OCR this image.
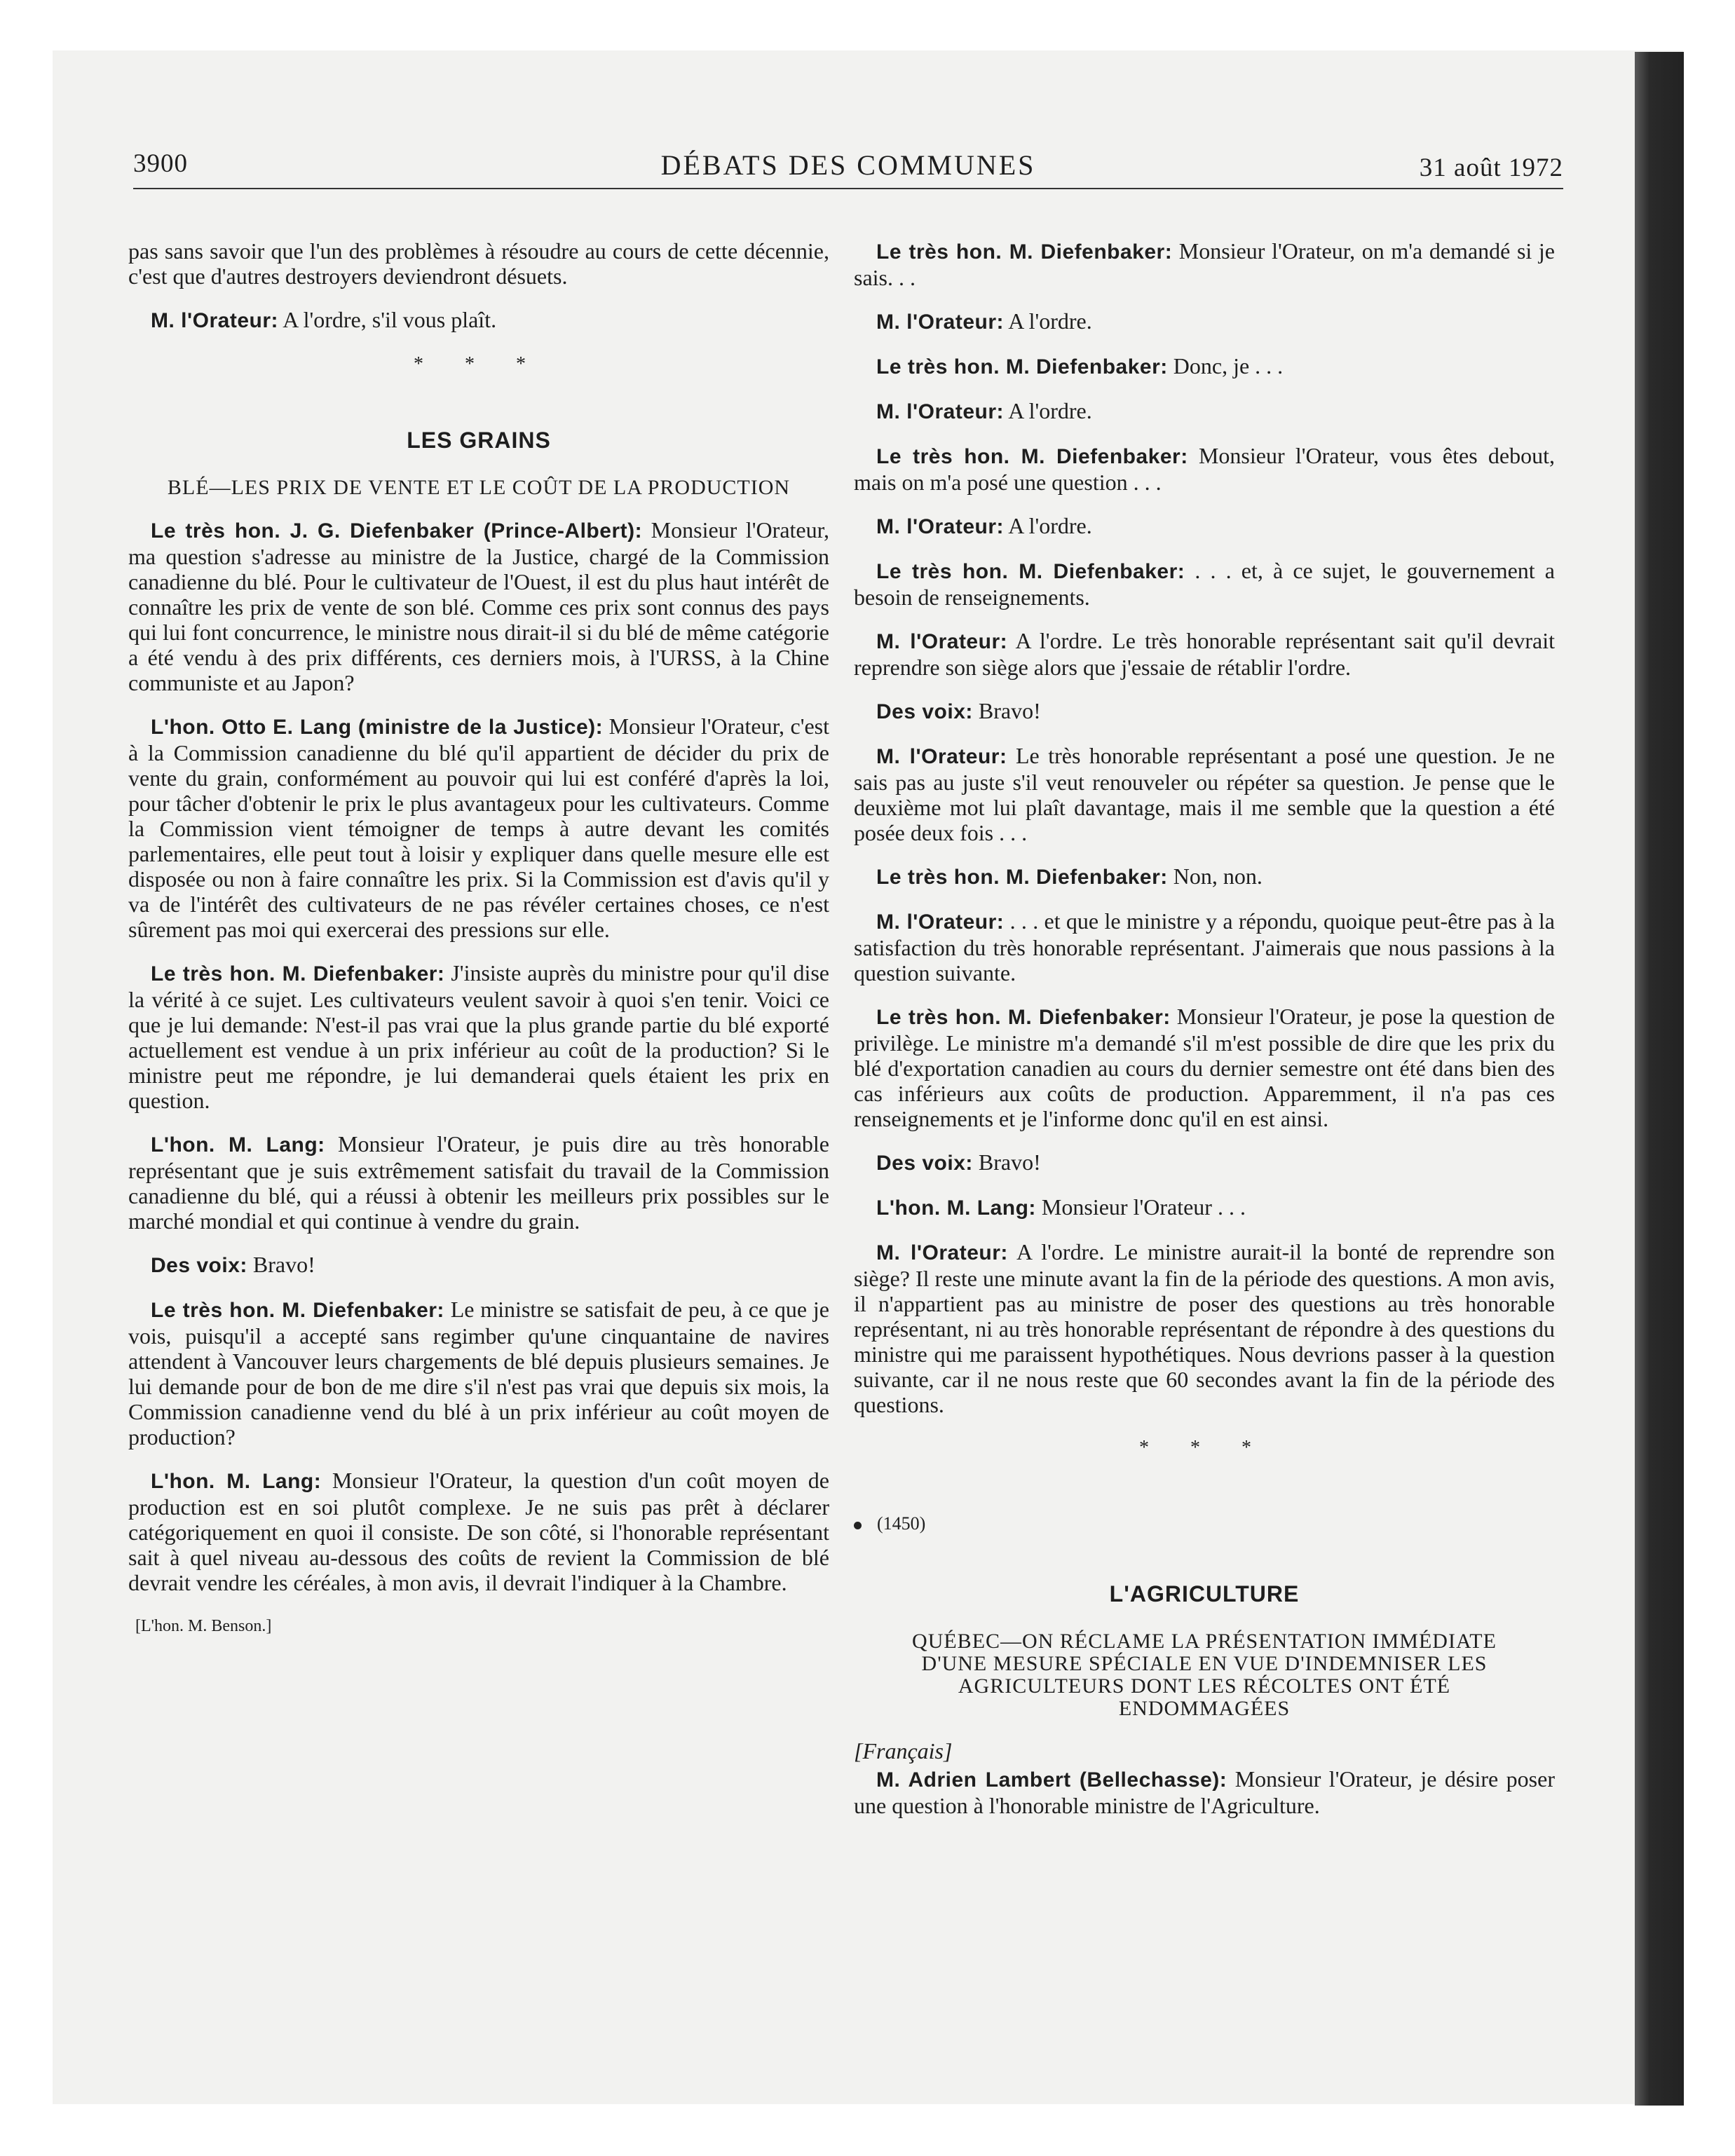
3900	DÉBATS DES COMMUNES	31 août 1972

pas sans savoir que l'un des problèmes à résoudre au cours de cette décennie, c'est que d'autres destroyers deviendront désuets.

M. l'Orateur: A l'ordre, s'il vous plaît.

* * *
LES GRAINS
BLÉ—LES PRIX DE VENTE ET LE COÛT DE LA PRODUCTION

Le très hon. J. G. Diefenbaker (Prince-Albert): Monsieur l'Orateur, ma question s'adresse au ministre de la Justice, chargé de la Commission canadienne du blé. Pour le cultivateur de l'Ouest, il est du plus haut intérêt de connaître les prix de vente de son blé. Comme ces prix sont connus des pays qui lui font concurrence, le ministre nous dirait-il si du blé de même catégorie a été vendu à des prix différents, ces derniers mois, à l'URSS, à la Chine communiste et au Japon?

L'hon. Otto E. Lang (ministre de la Justice): Monsieur l'Orateur, c'est à la Commission canadienne du blé qu'il appartient de décider du prix de vente du grain, conformément au pouvoir qui lui est conféré d'après la loi, pour tâcher d'obtenir le prix le plus avantageux pour les cultivateurs. Comme la Commission vient témoigner de temps à autre devant les comités parlementaires, elle peut tout à loisir y expliquer dans quelle mesure elle est disposée ou non à faire connaître les prix. Si la Commission est d'avis qu'il y va de l'intérêt des cultivateurs de ne pas révéler certaines choses, ce n'est sûrement pas moi qui exercerai des pressions sur elle.

Le très hon. M. Diefenbaker: J'insiste auprès du ministre pour qu'il dise la vérité à ce sujet. Les cultivateurs veulent savoir à quoi s'en tenir. Voici ce que je lui demande: N'est-il pas vrai que la plus grande partie du blé exporté actuellement est vendue à un prix inférieur au coût de la production? Si le ministre peut me répondre, je lui demanderai quels étaient les prix en question.

L'hon. M. Lang: Monsieur l'Orateur, je puis dire au très honorable représentant que je suis extrêmement satisfait du travail de la Commission canadienne du blé, qui a réussi à obtenir les meilleurs prix possibles sur le marché mondial et qui continue à vendre du grain.

Des voix: Bravo!

Le très hon. M. Diefenbaker: Le ministre se satisfait de peu, à ce que je vois, puisqu'il a accepté sans regimber qu'une cinquantaine de navires attendent à Vancouver leurs chargements de blé depuis plusieurs semaines. Je lui demande pour de bon de me dire s'il n'est pas vrai que depuis six mois, la Commission canadienne vend du blé à un prix inférieur au coût moyen de production?

L'hon. M. Lang: Monsieur l'Orateur, la question d'un coût moyen de production est en soi plutôt complexe. Je ne suis pas prêt à déclarer catégoriquement en quoi il consiste. De son côté, si l'honorable représentant sait à quel niveau au-dessous des coûts de revient la Commission de blé devrait vendre les céréales, à mon avis, il devrait l'indiquer à la Chambre.

[L'hon. M. Benson.]

Le très hon. M. Diefenbaker: Monsieur l'Orateur, on m'a demandé si je sais. . .

M. l'Orateur: A l'ordre.

Le très hon. M. Diefenbaker: Donc, je . . .

M. l'Orateur: A l'ordre.

Le très hon. M. Diefenbaker: Monsieur l'Orateur, vous êtes debout, mais on m'a posé une question . . .

M. l'Orateur: A l'ordre.

Le très hon. M. Diefenbaker: . . . et, à ce sujet, le gouvernement a besoin de renseignements.

M. l'Orateur: A l'ordre. Le très honorable représentant sait qu'il devrait reprendre son siège alors que j'essaie de rétablir l'ordre.

Des voix: Bravo!

M. l'Orateur: Le très honorable représentant a posé une question. Je ne sais pas au juste s'il veut renouveler ou répéter sa question. Je pense que le deuxième mot lui plaît davantage, mais il me semble que la question a été posée deux fois . . .

Le très hon. M. Diefenbaker: Non, non.

M. l'Orateur: . . . et que le ministre y a répondu, quoique peut-être pas à la satisfaction du très honorable représentant. J'aimerais que nous passions à la question suivante.

Le très hon. M. Diefenbaker: Monsieur l'Orateur, je pose la question de privilège. Le ministre m'a demandé s'il m'est possible de dire que les prix du blé d'exportation canadien au cours du dernier semestre ont été dans bien des cas inférieurs aux coûts de production. Apparemment, il n'a pas ces renseignements et je l'informe donc qu'il en est ainsi.

Des voix: Bravo!

L'hon. M. Lang: Monsieur l'Orateur . . .

M. l'Orateur: A l'ordre. Le ministre aurait-il la bonté de reprendre son siège? Il reste une minute avant la fin de la période des questions. A mon avis, il n'appartient pas au ministre de poser des questions au très honorable représentant, ni au très honorable représentant de répondre à des questions du ministre qui me paraissent hypothétiques. Nous devrions passer à la question suivante, car il ne nous reste que 60 secondes avant la fin de la période des questions.

* * *
(1450)
L'AGRICULTURE
QUÉBEC—ON RÉCLAME LA PRÉSENTATION IMMÉDIATE D'UNE MESURE SPÉCIALE EN VUE D'INDEMNISER LES AGRICULTEURS DONT LES RÉCOLTES ONT ÉTÉ ENDOMMAGÉES
[Français]

M. Adrien Lambert (Bellechasse): Monsieur l'Orateur, je désire poser une question à l'honorable ministre de l'Agriculture.
